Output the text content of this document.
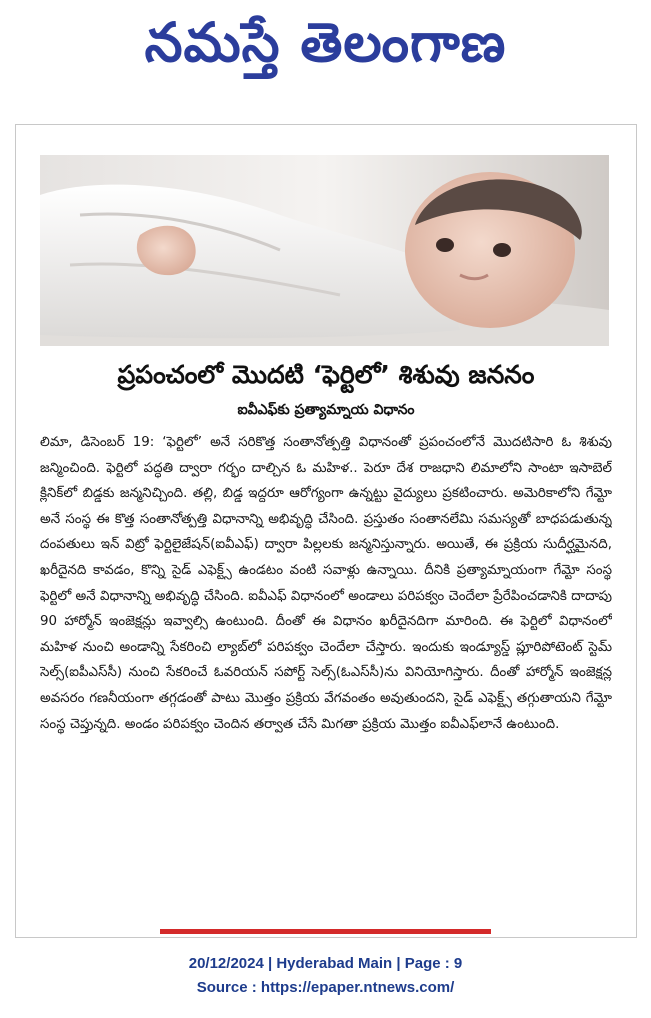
నమస్తే తెలంగాణ
ప్రపంచంలో మొదటి ‘ఫెర్టిలో’ శిశువు జననం
ఐవీఎఫ్‌కు ప్రత్యామ్నాయ విధానం
లిమా, డిసెంబర్ 19: ‘ఫెర్టిలో’ అనే సరికొత్త సంతానోత్పత్తి విధానంతో ప్రపంచంలోనే మొదటిసారి ఓ శిశువు జన్మించింది. ఫెర్టిలో పద్ధతి ద్వారా గర్భం దాల్చిన ఓ మహిళ.. పెరూ దేశ రాజధాని లిమాలోని సాంటా ఇసాబెల్ క్లినిక్‌లో బిడ్డకు జన్మనిచ్చింది. తల్లి, బిడ్డ ఇద్దరూ ఆరోగ్యంగా ఉన్నట్టు వైద్యులు ప్రకటించారు. అమెరికాలోని గేమ్టో అనే సంస్థ ఈ కొత్త సంతానోత్పత్తి విధానాన్ని అభివృద్ధి చేసింది. ప్రస్తుతం సంతానలేమి సమస్యతో బాధపడుతున్న దంపతులు ఇన్ విట్రో ఫెర్టిలైజేషన్(ఐవీఎఫ్) ద్వారా పిల్లలకు జన్మనిస్తున్నారు. అయితే, ఈ ప్రక్రియ సుదీర్ఘమైనది, ఖరీదైనది కావడం, కొన్ని సైడ్ ఎఫెక్ట్స్ ఉండటం వంటి సవాళ్లు ఉన్నాయి. దీనికి ప్రత్యామ్నాయంగా గేమ్టో సంస్థ ఫెర్టిలో అనే విధానాన్ని అభివృద్ధి చేసింది. ఐవీఎఫ్ విధానంలో అండాలు పరిపక్వం చెందేలా ప్రేరేపించడానికి దాదాపు 90 హార్మోన్ ఇంజెక్షన్లు ఇవ్వాల్సి ఉంటుంది. దీంతో ఈ విధానం ఖరీదైనదిగా మారింది. ఈ ఫెర్టిలో విధానంలో మహిళ నుంచి అండాన్ని సేకరించి ల్యాబ్‌లో పరిపక్వం చెందేలా చేస్తారు. ఇందుకు ఇండ్యూస్డ్ ప్లూరిపోటెంట్ స్టెమ్ సెల్స్(ఐపీఎస్‌సీ) నుంచి సేకరించే ఓవరియన్ సపోర్ట్ సెల్స్(ఓఎస్‌సీ)ను వినియోగిస్తారు. దీంతో హార్మోన్ ఇంజెక్షన్ల అవసరం గణనీయంగా తగ్గడంతో పాటు మొత్తం ప్రక్రియ వేగవంతం అవుతుందని, సైడ్ ఎఫెక్ట్స్ తగ్గుతాయని గేమ్టో సంస్థ చెప్తున్నది. అండం పరిపక్వం చెందిన తర్వాత చేసే మిగతా ప్రక్రియ మొత్తం ఐవీఎఫ్‌లానే ఉంటుంది.
20/12/2024 | Hyderabad Main | Page : 9
Source : https://epaper.ntnews.com/
